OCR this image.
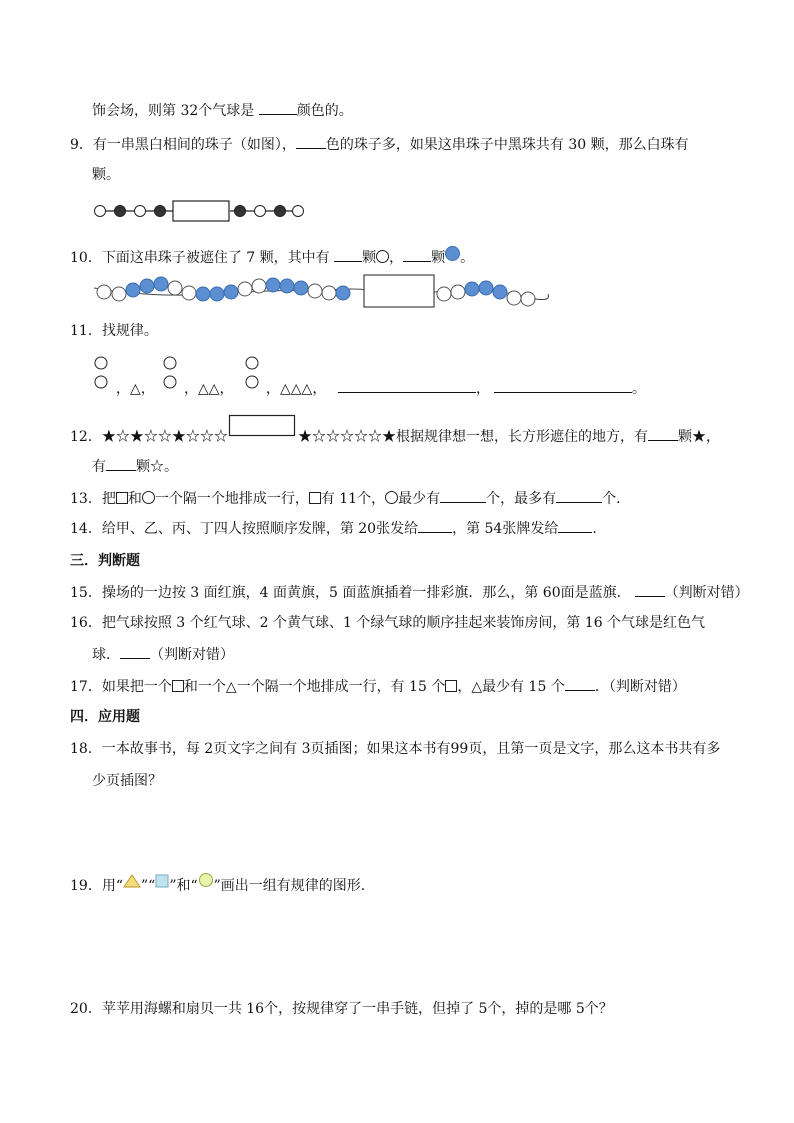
饰会场，则第 32个气球是	颜色的。
9．有一串黑白相间的珠子（如图）， 色的珠子多，如果这串珠子中黑珠共有 30 颗，那么白珠有
颗。
10．下面这串珠子被遮住了 7 颗，其中有 颗 ， 颗 。
11．找规律。
，△， ，△△， ，△△△，	，	。
12．★☆★☆☆★☆☆☆	★☆☆☆☆☆★根据规律想一想，长方形遮住的地方，有 颗★，
有 颗☆。
13．把 和 一个隔一个地排成一行， 有 11个， 最少有	个，最多有	个．
14．给甲、乙、丙、丁四人按照顺序发牌，第 20张发给 ，第 54张牌发给 .
三．判断题
15．操场的一边按 3 面红旗，4 面黄旗，5 面蓝旗插着一排彩旗．那么，第 60面是蓝旗． （判断对错）
16．把气球按照 3 个红气球、2 个黄气球、1 个绿气球的顺序挂起来装饰房间，第 16 个气球是红色气
球． （判断对错）
17．如果把一个 和一个△一个隔一个地排成一行，有 15 个 ，△最少有 15 个 ．（判断对错）
四．应用题
18．一本故事书，每 2页文字之间有 3页插图；如果这本书有99页，且第一页是文字，那么这本书共有多
少页插图？
19．用“ ”“ ”和“ ”画出一组有规律的图形.
20．苹苹用海螺和扇贝一共 16个，按规律穿了一串手链，但掉了 5个，掉的是哪 5个？
